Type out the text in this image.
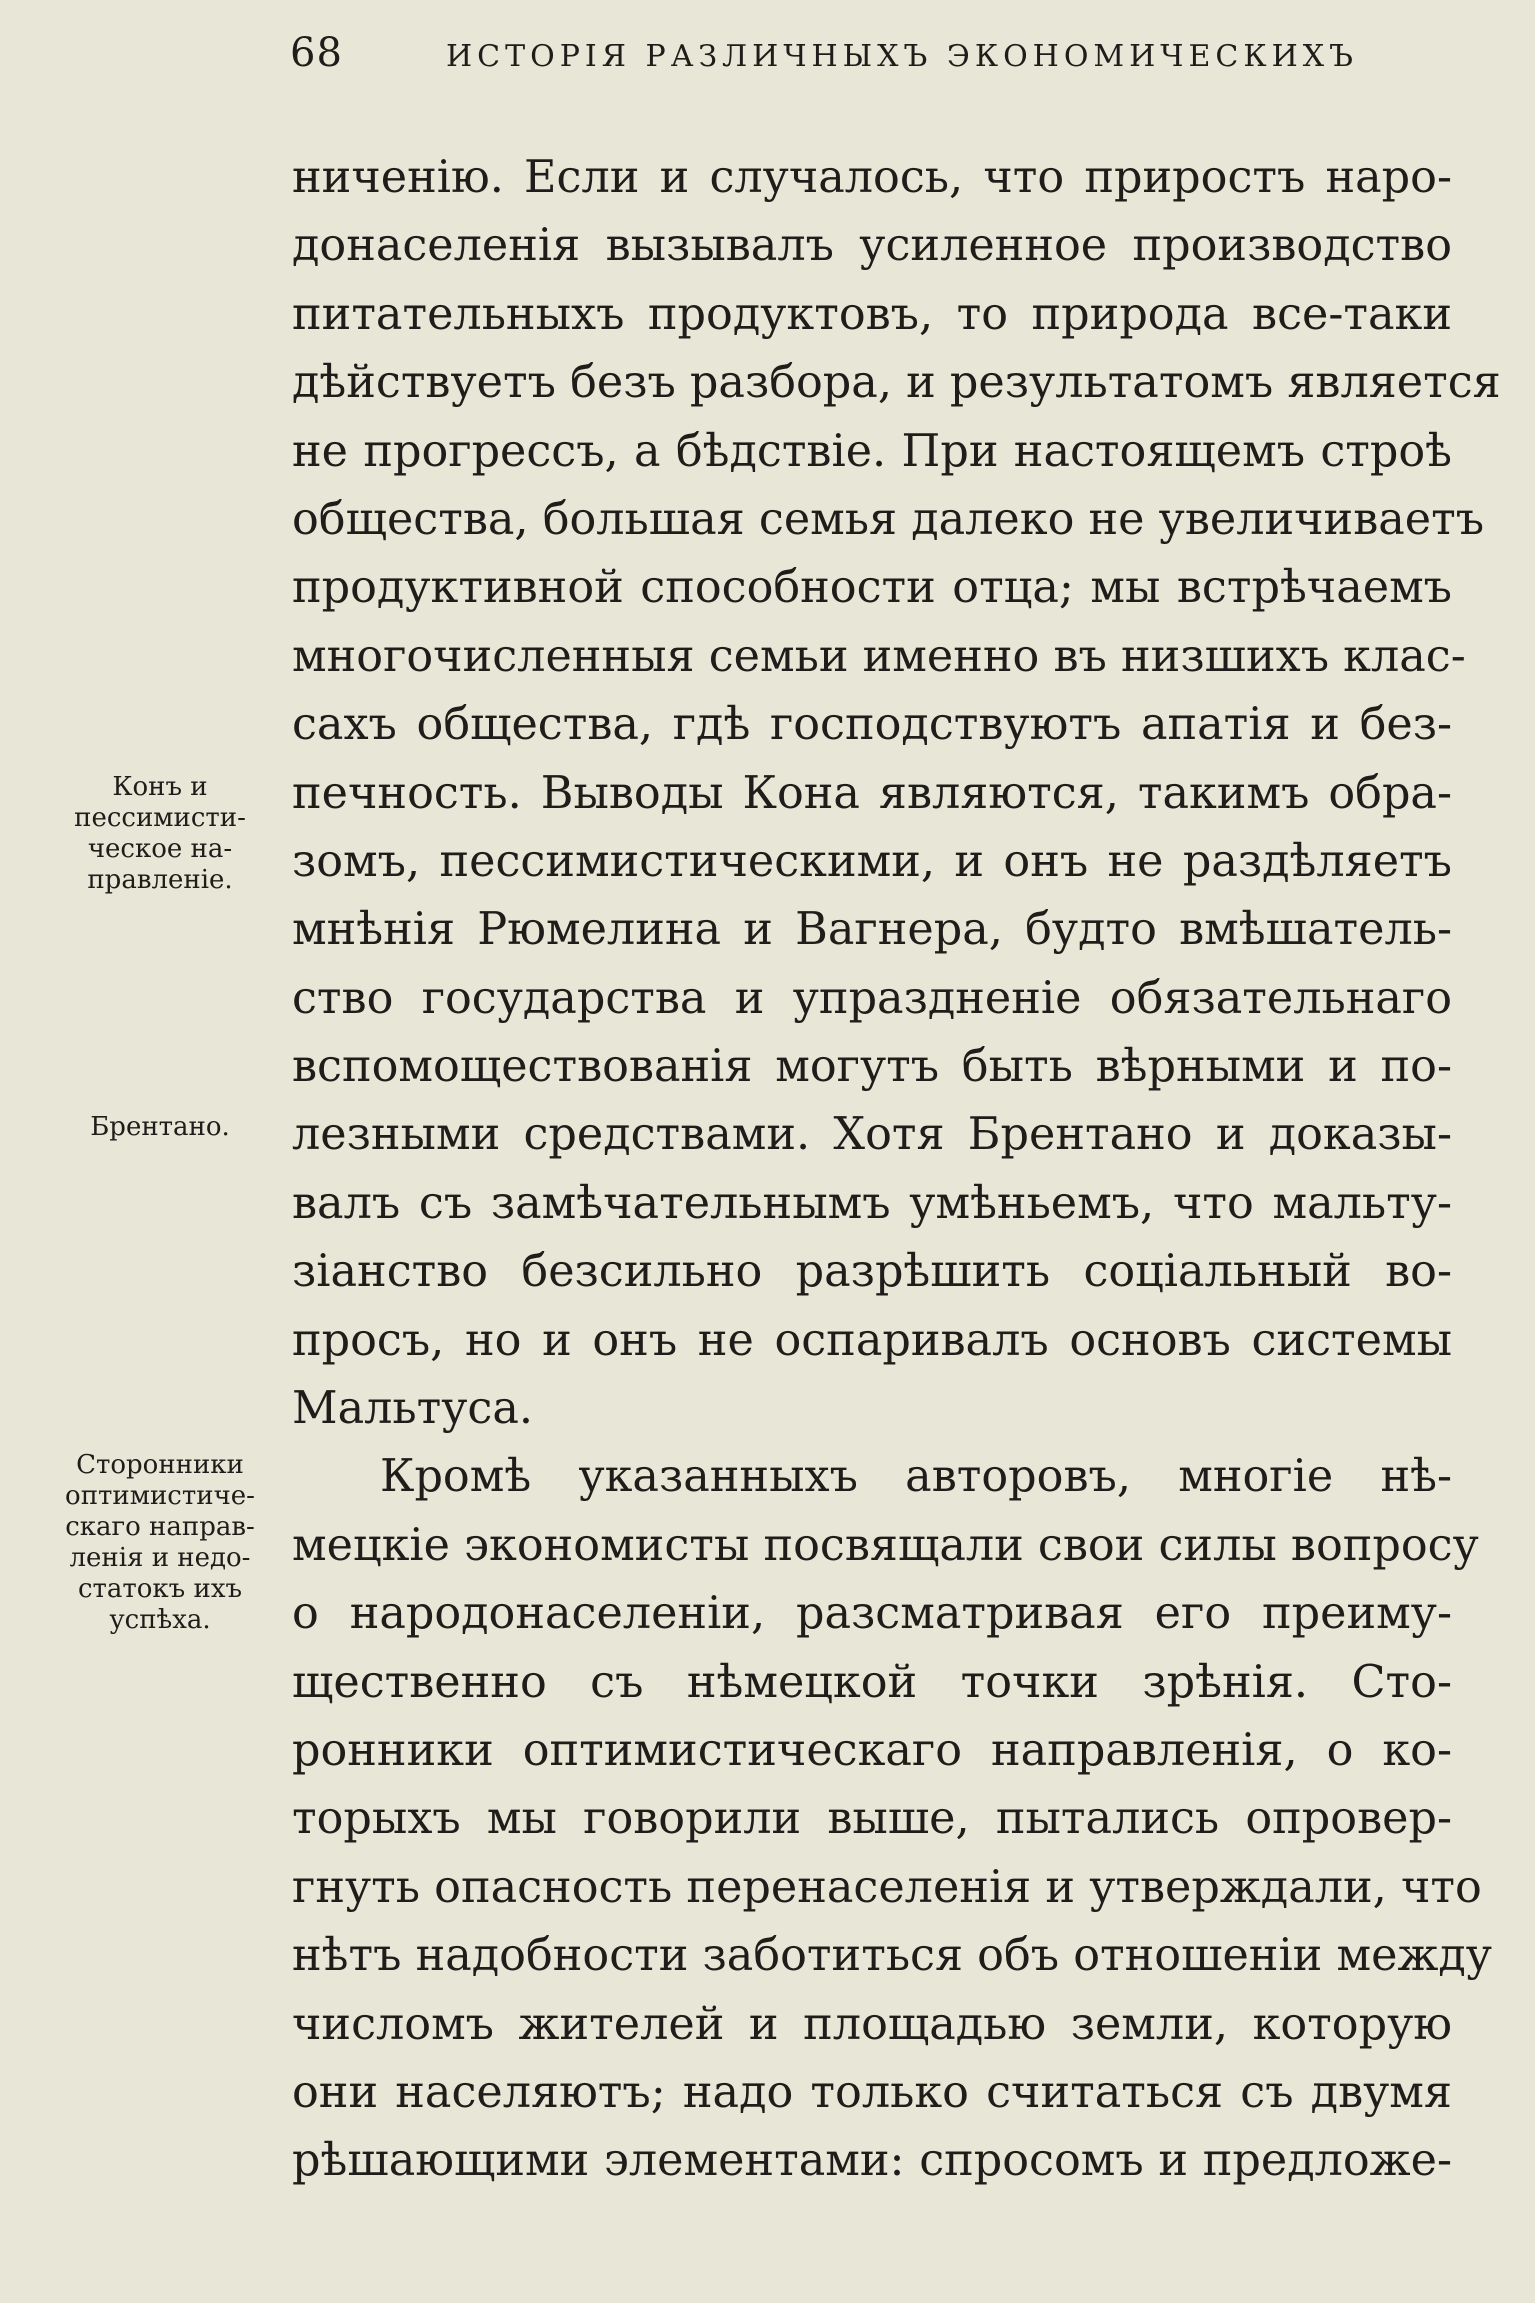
68	ИСТОРІЯ РАЗЛИЧНЫХЪ ЭКОНОМИЧЕСКИХЪ
ниченію. Если и случалось, что приростъ наро-
донаселенія вызывалъ усиленное производство
питательныхъ продуктовъ, то природа все-таки
дѣйствуетъ безъ разбора, и результатомъ является
не прогрессъ, а бѣдствіе. При настоящемъ строѣ
общества, большая семья далеко не увеличиваетъ
продуктивной способности отца; мы встрѣчаемъ
многочисленныя семьи именно въ низшихъ клас-
сахъ общества, гдѣ господствуютъ апатія и без-
печность. Выводы Кона являются, такимъ обра-
зомъ, пессимистическими, и онъ не раздѣляетъ
мнѣнія Рюмелина и Вагнера, будто вмѣшатель-
ство государства и упраздненіе обязательнаго
вспомоществованія могутъ быть вѣрными и по-
лезными средствами. Хотя Брентано и доказы-
валъ съ замѣчательнымъ умѣньемъ, что мальту-
зіанство безсильно разрѣшить соціальный во-
просъ, но и онъ не оспаривалъ основъ системы
Мальтуса.
Кромѣ указанныхъ авторовъ, многіе нѣ-
мецкіе экономисты посвящали свои силы вопросу
о народонаселеніи, разсматривая его преиму-
щественно съ нѣмецкой точки зрѣнія. Сто-
ронники оптимистическаго направленія, о ко-
торыхъ мы говорили выше, пытались опровер-
гнуть опасность перенаселенія и утверждали, что
нѣтъ надобности заботиться объ отношеніи между
числомъ жителей и площадью земли, которую
они населяютъ; надо только считаться съ двумя
рѣшающими элементами: спросомъ и предложе-
Конъ и
пессимисти-
ческое на-
правленіе.
Брентано.
Сторонники
оптимистиче-
скаго направ-
ленія и недо-
статокъ ихъ
успѣха.
